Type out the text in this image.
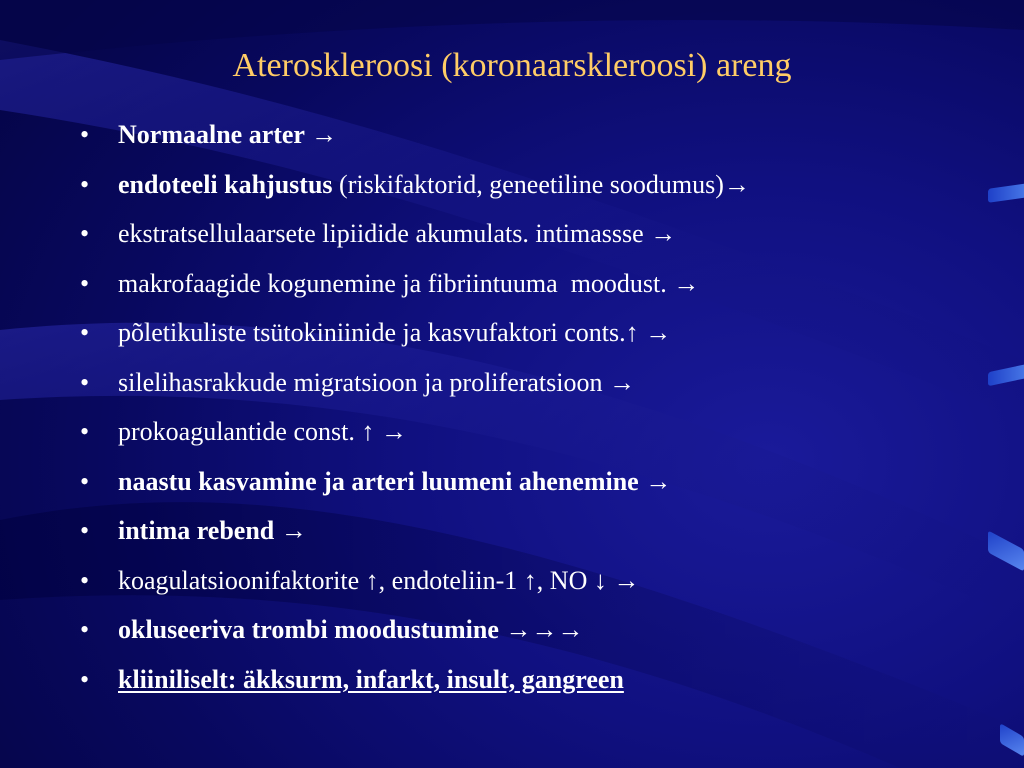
Ateroskleroosi (koronaarskleroosi) areng
• Normaalne arter →
• endoteeli kahjustus (riskifaktorid, geneetiline soodumus)→
• ekstratsellulaarsete lipiidide akumulats. intimassse →
• makrofaagide kogunemine ja fibriintuuma  moodust. →
• põletikuliste tsütokiniinide ja kasvufaktori conts.↑ →
• silelihasrakkude migratsioon ja proliferatsioon →
• prokoagulantide const. ↑ →
• naastu kasvamine ja arteri luumeni ahenemine →
• intima rebend →
• koagulatsioonifaktorite ↑, endoteliin-1 ↑, NO ↓ →
• okluseeriva trombi moodustumine →→→
• kliiniliselt: äkksurm, infarkt, insult, gangreen
